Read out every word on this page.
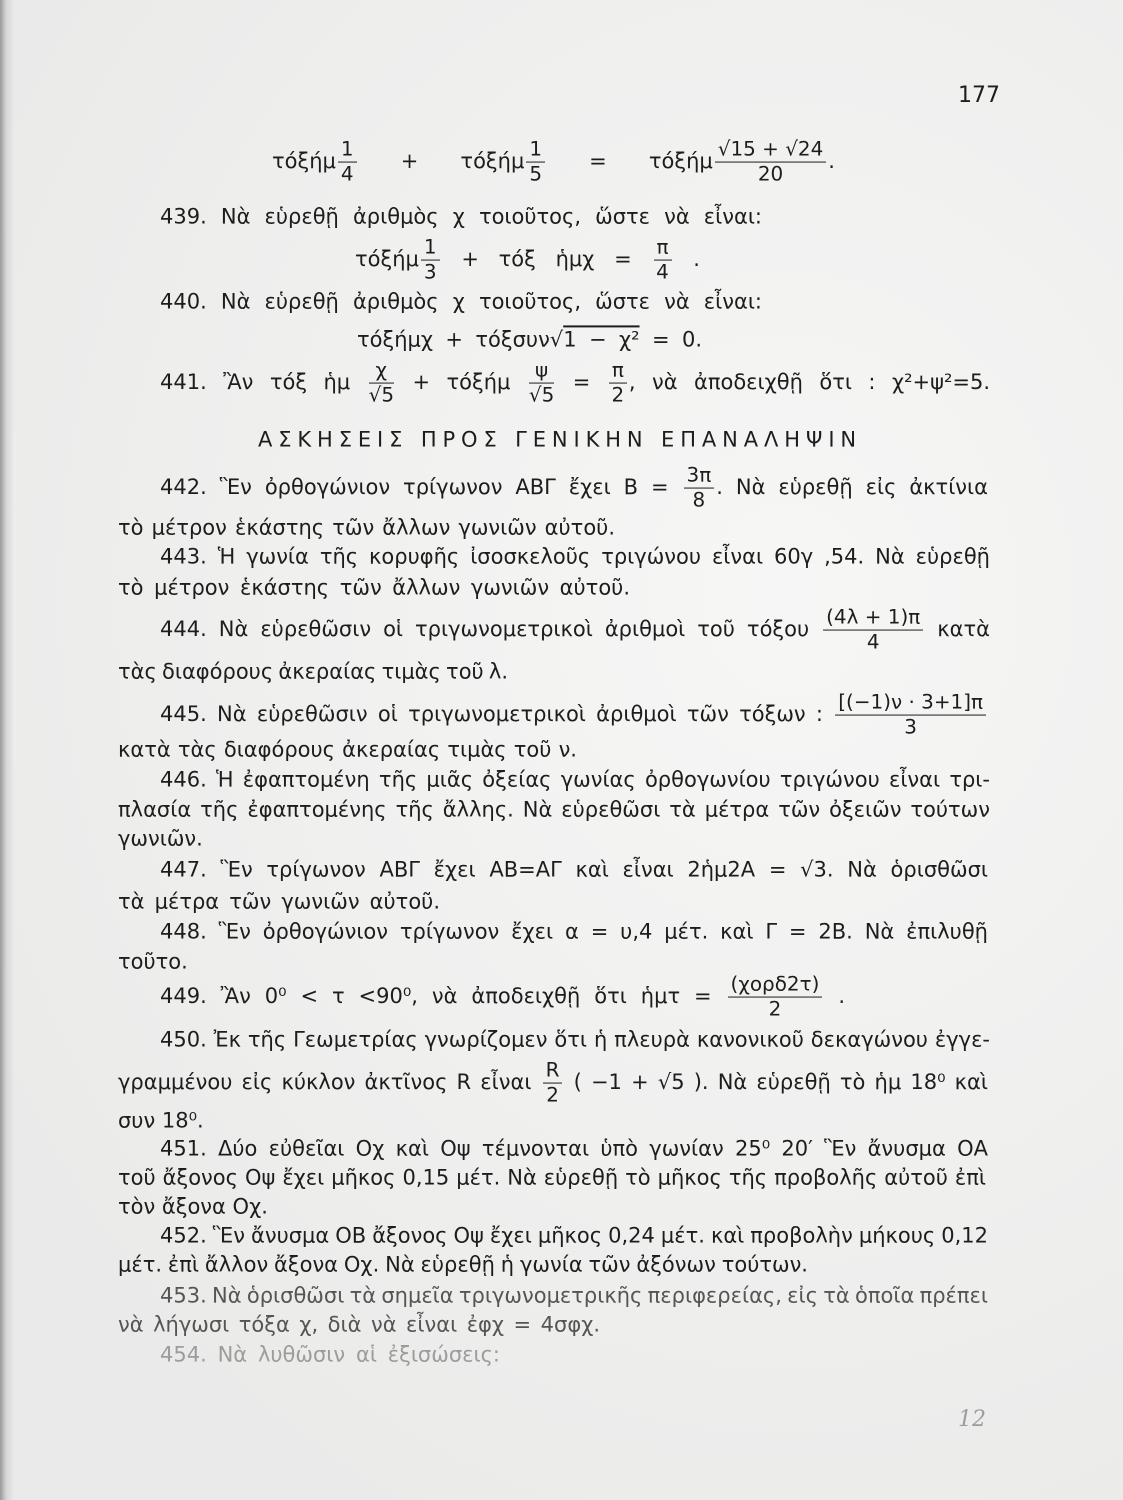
177
τόξήμ $\frac{1}{4} + \tau ό\xi ή\mu \frac{1}{5} = \tau ό\xi ή\mu \frac{√15 + √24}{20}$ .
439. Νὰ εὑρεθῇ ἀριθμὸς χ τοιοῦτος, ὥστε νὰ εἶναι:
τόξήμ $\frac{1}{3} + \tau ό\xi$ ἡμχ = $\frac{\pi}{4}$ .
440. Νὰ εὑρεθῇ ἀριθμὸς χ τοιοῦτος, ὥστε νὰ εἶναι:
τόξήμχ + τόξσυν√1 − χ² = 0.
441. Ἂν τόξ ἡμ $\frac{\chi}{√5} + \tau ό\xi ή\mu \frac{\psi}{√5} = \frac{\pi}{2}$ , νὰ ἀποδειχθῇ ὅτι : χ²+ψ²=5.
ΑΣΚΗΣΕΙΣ ΠΡΟΣ ΓΕΝΙΚΗΝ ΕΠΑΝΑΛΗΨΙΝ
442. Ἓν ὀρθογώνιον τρίγωνον ΑΒΓ ἔχει $B = \frac{3\pi}{8}$ . Νὰ εὑρεθῇ εἰς ἀκτίνια
τὸ μέτρον ἑκάστης τῶν ἄλλων γωνιῶν αὐτοῦ.
443. Ἡ γωνία τῆς κορυφῆς ἰσοσκελοῦς τριγώνου εἶναι 60γ ,54. Νὰ εὑρεθῇ
τὸ μέτρον ἑκάστης τῶν ἄλλων γωνιῶν αὐτοῦ.
444. Νὰ εὑρεθῶσιν οἱ τριγωνομετρικοὶ ἀριθμοὶ τοῦ τόξου $\frac{(4\lambda + 1)\pi}{4}$ κατὰ
τὰς διαφόρους ἀκεραίας τιμὰς τοῦ λ.
445. Νὰ εὑρεθῶσιν οἱ τριγωνομετρικοὶ ἀριθμοὶ τῶν τόξων : $\frac{[(-1)\nu \cdot 3+1]\pi}{3}$
κατὰ τὰς διαφόρους ἀκεραίας τιμὰς τοῦ ν.
446. Ἡ ἐφαπτομένη τῆς μιᾶς ὀξείας γωνίας ὀρθογωνίου τριγώνου εἶναι τρι-
πλασία τῆς ἐφαπτομένης τῆς ἄλλης. Νὰ εὑρεθῶσι τὰ μέτρα τῶν ὀξειῶν τούτων
γωνιῶν.
447. Ἓν τρίγωνον ΑΒΓ ἔχει ΑΒ=ΑΓ καὶ εἶναι 2ἡμ2Α = √3. Νὰ ὁρισθῶσι
τὰ μέτρα τῶν γωνιῶν αὐτοῦ.
448. Ἓν ὀρθογώνιον τρίγωνον ἔχει α = υ,4 μέτ. καὶ Γ = 2Β. Νὰ ἐπιλυθῇ
τοῦτο.
449. Ἂν 0⁰ < τ <90⁰, νὰ ἀποδειχθῇ ὅτι ἡμτ = $\frac{\text{(χορδ2τ)}}{2}$ .
450. Ἐκ τῆς Γεωμετρίας γνωρίζομεν ὅτι ἡ πλευρὰ κανονικοῦ δεκαγώνου ἐγγε-
γραμμένου εἰς κύκλον ἀκτῖνος R εἶναι $\frac{R}{2}$ ( −1 + √5 ). Νὰ εὑρεθῇ τὸ ἡμ 18⁰ καὶ
συν 18⁰.
451. Δύο εὐθεῖαι Οχ καὶ Οψ τέμνονται ὑπὸ γωνίαν 25⁰ 20′ Ἓν ἄνυσμα ΟΑ
τοῦ ἄξονος Οψ ἔχει μῆκος 0,15 μέτ. Νὰ εὑρεθῇ τὸ μῆκος τῆς προβολῆς αὐτοῦ ἐπὶ
τὸν ἄξονα Οχ.
452. Ἓν ἄνυσμα ΟΒ ἄξονος Οψ ἔχει μῆκος 0,24 μέτ. καὶ προβολὴν μήκους 0,12
μέτ. ἐπὶ ἄλλον ἄξονα Οχ. Νὰ εὑρεθῇ ἡ γωνία τῶν ἀξόνων τούτων.
453. Νὰ ὁρισθῶσι τὰ σημεῖα τριγωνομετρικῆς περιφερείας, εἰς τὰ ὁποῖα πρέπει
νὰ λήγωσι τόξα χ, διὰ νὰ εἶναι ἐφχ = 4σφχ.
454. Νὰ λυθῶσιν αἱ ἐξισώσεις:
12
